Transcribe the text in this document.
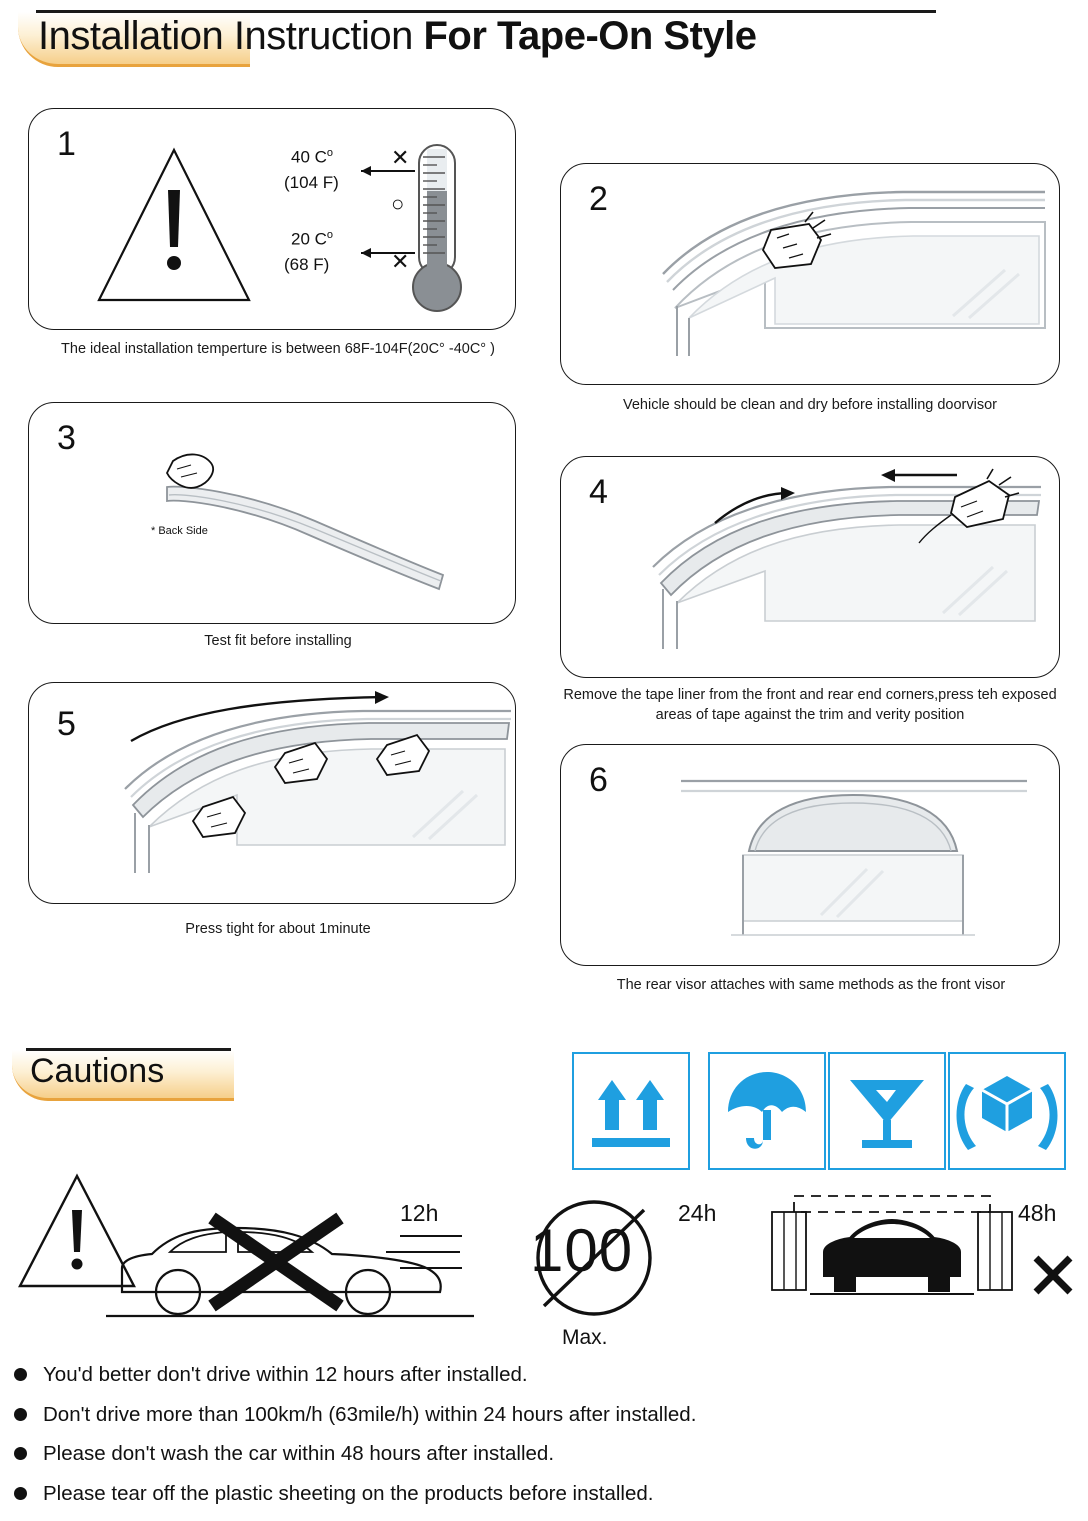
Installation Instruction For Tape-On Style
1	40 $C^o$
(104 F)
20 $C^o$
(68 F)
✕
○
✕
The ideal installation temperture is between 68F-104F(20C° -40C° )
2
Vehicle should be clean and dry before installing doorvisor
3
* Back Side
Test fit before installing
4
Remove the tape liner from the front and rear end corners,press teh exposed areas of tape against the trim and verity position
5
Press tight for about 1minute
6
The rear visor attaches with same methods as the front visor
Cautions
12h
100
Max.
24h	48h
You'd better don't drive within 12 hours after installed.
Don't drive more than 100km/h (63mile/h) within 24 hours after installed.
Please don't wash the car within 48 hours after installed.
Please tear off the plastic sheeting on the products before installed.
